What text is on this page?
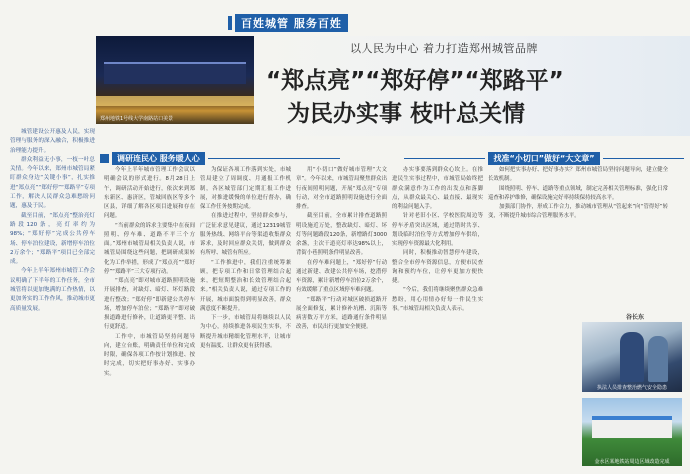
百姓城管 服务百姓
郑州地铁1号线大学南路站口美景
以人民为中心 着力打造郑州城管品牌
“郑点亮”“郑好停”“郑路平”
为民办实事 枝叶总关情

城管建设公开惠及人民，实现管理与服务的深入融合，积极推进治理能力提升。

群众利益无小事，一枝一叶总关情。今年以来，郑州市城管局紧盯群众身边“关键小事”，扎实推进“郑点亮”“郑好停”“郑路平”专项工作，解决人民群众急难愁盼问题，惠及于民。

截至目前，“郑点亮”整治亮灯路段120条，亮灯率约为98%；“郑好停”完成公共停车场、停车泊位建设，新增停车泊位2万余个；“郑路平”项目已全部完成。

今年上半年郑州市城管工作会议明确了下半年的工作任务，全市城管将以更加饱满的工作热情，以更加务实的工作作风，推动城市更高质量发展。

调研连民心 服务暖人心	找准“小切口”做好“大文章”

今年上半年城市管理工作会议以明确会议的形式进行。8月28日上午，调研活动开始进行，依次来到郑东新区、惠济区，管城回族区等多个区县，详细了解各区项目进展和存在问题。

“当前群众的诉求主要集中在夜间照明、停车难、道路不平三个方面。”郑州市城管局相关负责人说，市城管局围绕这些问题，把调研成果转化为工作举措，形成了“郑点亮”“郑好停”“郑路平”三大专项行动。

“郑点亮”即对城市道路照明设施开展排查，对缺灯、暗灯、坏灯路段进行整改；“郑好停”即新建公共停车场，增加停车泊位；“郑路平”即对破损道路进行修补，让道路更平整、出行更舒适。

工作中，市城管局坚持问题导向，建立台账，明确责任单位和完成时限，确保各项工作按计划推进、按时完成，切实把好事办好、实事办实。

为保证各项工作落到实处，市城管局建立了周调度、月通报工作机制，各区城管部门定期汇报工作进展，对推进缓慢的单位进行督办，确保工作任务按期完成。

在推进过程中，坚持群众参与，广泛征求意见建议，通过12319城管服务热线、网络平台等渠道收集群众诉求，及时回应群众关切，做到群众有所呼、城管有所应。

“工作推进中，我们注重统筹兼顾，把专项工作和日常管理结合起来，把短期整治和长效管理结合起来。”相关负责人说，通过专项工作的开展，城市面貌得到明显改善，群众满意度不断提升。

下一步，市城管局将继续以人民为中心，持续推进各项民生实事，不断提升城市精细化管理水平，让城市更有温度、让群众更有获得感。

用“小切口”做好城市管理“大文章”。今年以来，市城管局聚焦群众出行夜间照明问题，开展“郑点亮”专项行动，对全市道路照明设施进行全面排查。

截至目前，全市累计排查道路照明设施近万处，整改缺灯、暗灯、坏灯等问题路段120条，新增路灯3000余盏，主次干道亮灯率达98%以上，背街小巷照明条件明显改善。

在停车难问题上，“郑好停”行动通过新建、改建公共停车场，挖潜停车资源，累计新增停车泊位2万余个，有效缓解了重点区域停车难问题。

“郑路平”行动对城区破损道路开展全面修复，累计修补坑槽、沉陷等病害数万平方米，道路通行条件明显改善，市民出行更加安全便捷。

办实事要落到群众心坎上。在推进民生实事过程中，市城管局始终把群众满意作为工作的出发点和落脚点，从群众最关心、最直接、最现实的利益问题入手。

针对老旧小区、学校医院周边等停车矛盾突出区域，通过错时共享、划设临时泊位等方式增加停车供给，实现停车资源最大化利用。

同时，积极推动智慧停车建设，整合全市停车资源信息，方便市民查询和预约车位，让停车更加方便快捷。

“今后，我们将继续聚焦群众急难愁盼，用心用情办好每一件民生实事。”市城管局相关负责人表示。

如何把实事办好、把好事办实？郑州市城管局坚持问题导向，建立健全长效机制。

围绕照明、停车、道路等重点领域，制定完善相关管理标准，强化日常巡查和养护维修，确保设施完好率持续保持较高水平。

加强部门协作，形成工作合力，推动城市管理从“管起来”向“管得好”转变，不断提升城市综合管理服务水平。

谷长东
执法人员排查整治燃气安全隐患
金水区某地铁站周边区域改造完成
